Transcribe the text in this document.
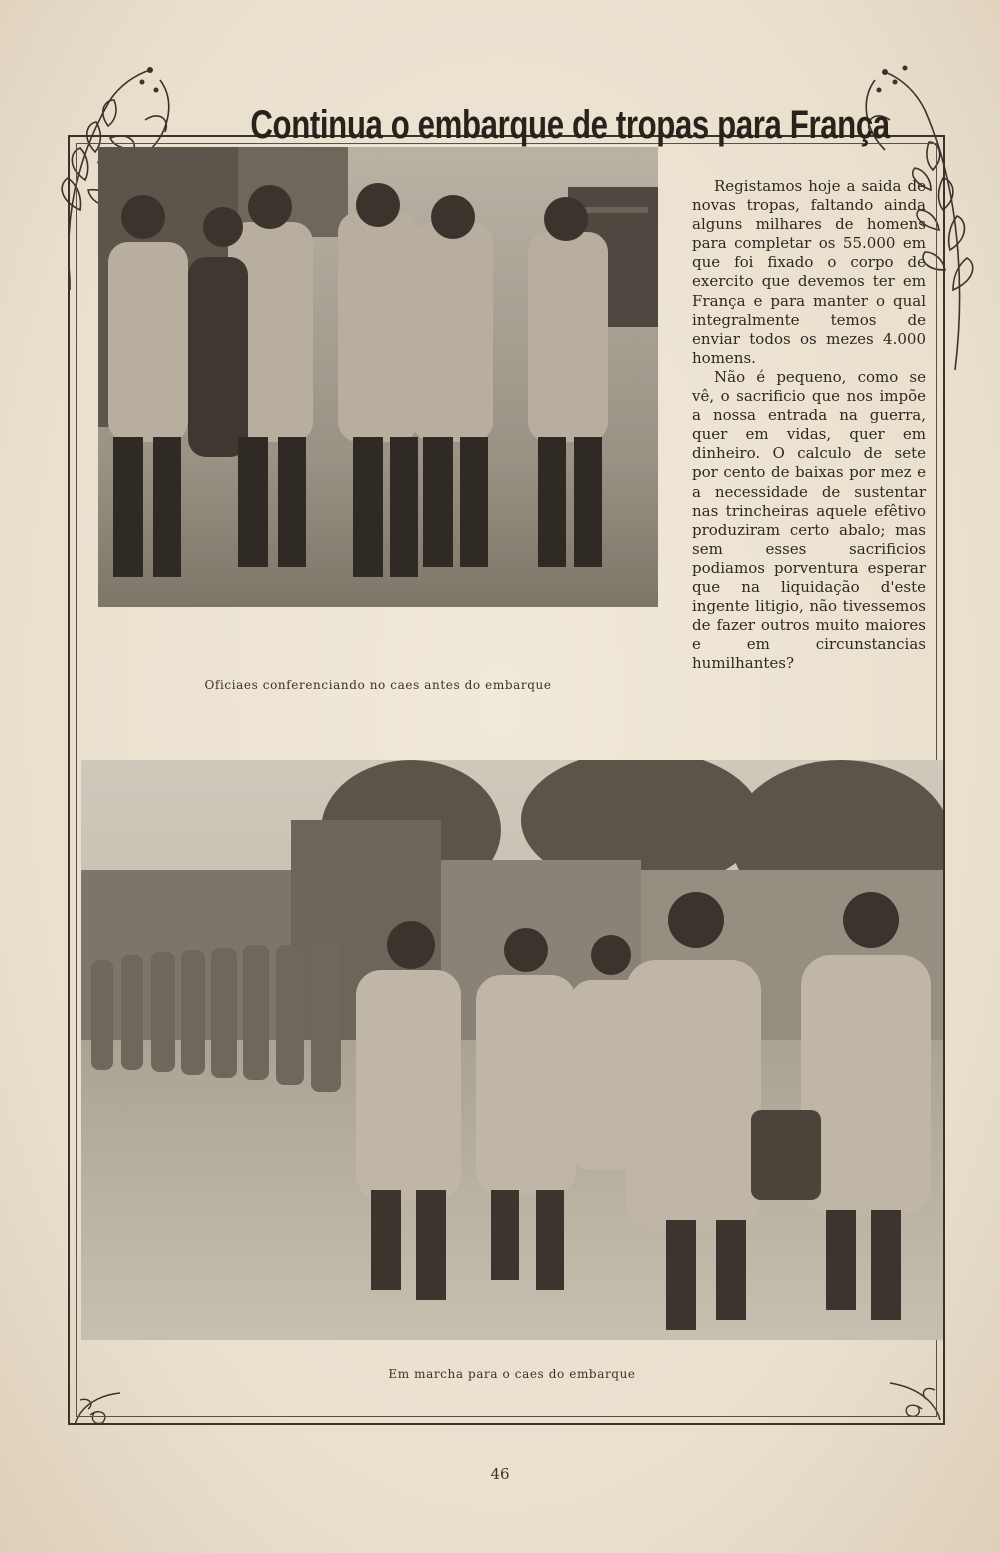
Continua o embarque de tropas para França
Oficiaes conferenciando no caes antes do embarque

Registamos hoje a saida de novas tropas, faltando ainda alguns milhares de homens para completar os 55.000 em que foi fixado o corpo de exercito que devemos ter em França e para manter o qual integralmente temos de enviar todos os mezes 4.000 homens.

Não é pequeno, como se vê, o sacrificio que nos impõe a nossa entrada na guerra, quer em vidas, quer em dinheiro. O calculo de sete por cento de baixas por mez e a necessidade de sustentar nas trincheiras aquele efêtivo produziram certo abalo; mas sem esses sacrificios podiamos porventura esperar que na liquidação d'este ingente litigio, não tivessemos de fazer outros muito maiores e em circunstancias humilhantes?

Em marcha para o caes do embarque
46
